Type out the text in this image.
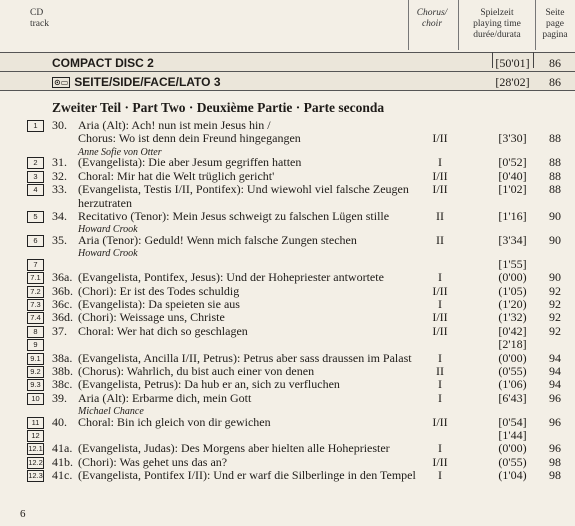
CD
track
Chorus/
choir
Spielzeit
playing time
durée/durata
Seite
page
pagina
COMPACT DISC 2	[50'01]	86
⊙▭ SEITE/SIDE/FACE/LATO 3	[28'02]	86
Zweiter Teil · Part Two · Deuxième Partie · Parte seconda
1	30. Aria (Alt): Ach! nun ist mein Jesus hin /
Chorus: Wo ist denn dein Freund hingegangen	I/II	[3'30]	88
Anne Sofie von Otter
2	31. (Evangelista): Die aber Jesum gegriffen hatten	I	[0'52]	88
3	32. Choral: Mir hat die Welt trüglich gericht'	I/II	[0'40]	88
4	33. (Evangelista, Testis I/II, Pontifex): Und wiewohl viel falsche Zeugen	I/II	[1'02]	88
herzutraten
5	34. Recitativo (Tenor): Mein Jesus schweigt zu falschen Lügen stille	II	[1'16]	90
Howard Crook
6	35. Aria (Tenor): Geduld! Wenn mich falsche Zungen stechen	II	[3'34]	90
Howard Crook
7	[1'55]
7.1 36a. (Evangelista, Pontifex, Jesus): Und der Hohepriester antwortete	I	(0'00)	90
7.2 36b. (Chori): Er ist des Todes schuldig	I/II	(1'05)	92
7.3 36c. (Evangelista): Da speieten sie aus	I	(1'20)	92
7.4 36d. (Chori): Weissage uns, Christe	I/II	(1'32)	92
8	37. Choral: Wer hat dich so geschlagen	I/II	[0'42]	92
9	[2'18]
9.1 38a. (Evangelista, Ancilla I/II, Petrus): Petrus aber sass draussen im Palast	I	(0'00)	94
9.2 38b. (Chorus): Wahrlich, du bist auch einer von denen	II	(0'55)	94
9.3 38c. (Evangelista, Petrus): Da hub er an, sich zu verfluchen	I	(1'06)	94
10	39. Aria (Alt): Erbarme dich, mein Gott	I	[6'43]	96
Michael Chance
11	40. Choral: Bin ich gleich von dir gewichen	I/II	[0'54]	96
12	[1'44]
12.1 41a. (Evangelista, Judas): Des Morgens aber hielten alle Hohepriester	I	(0'00)	96
12.2 41b. (Chori): Was gehet uns das an?	I/II	(0'55)	98
12.3 41c. (Evangelista, Pontifex I/II): Und er warf die Silberlinge in den Tempel	I	(1'04)	98
6
